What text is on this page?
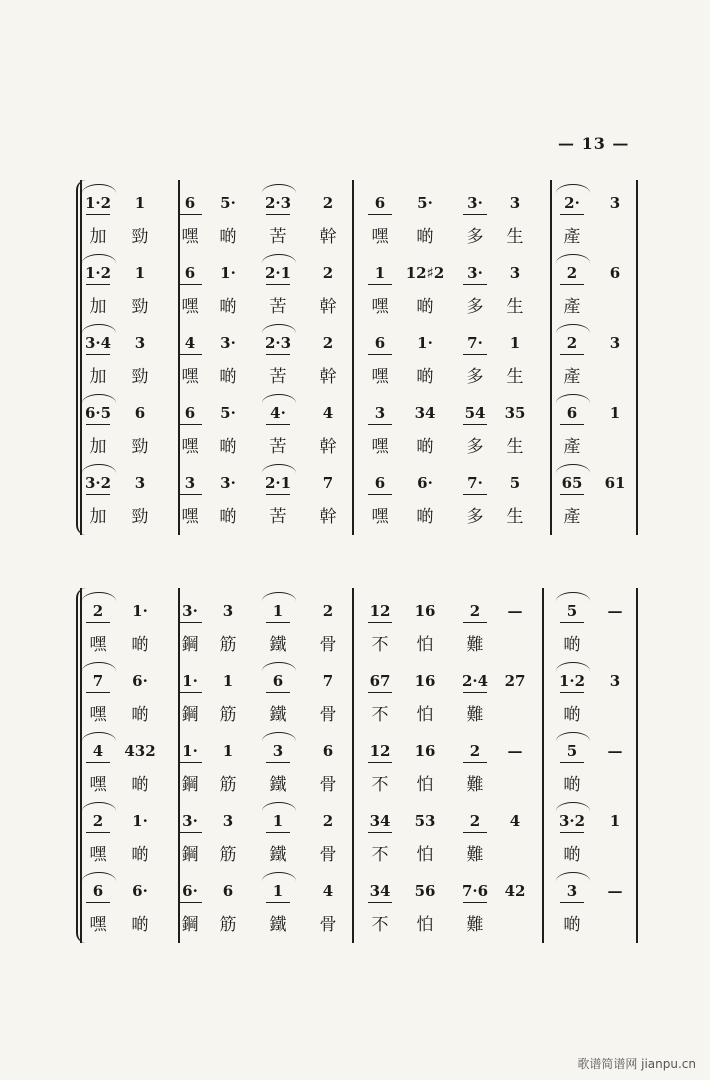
— 13 —
1·2	1	6	5·	2·3	2	6	5·	3·	3	2·	3
加	勁	嘿	啲	苦	幹	嘿	啲	多	生	產
1·2	1	6	1·	2·1	2	1	12♯2	3·	3	2	6
加	勁	嘿	啲	苦	幹	嘿	啲	多	生	產
3·4	3	4	3·	2·3	2	6	1·	7·	1	2	3
加	勁	嘿	啲	苦	幹	嘿	啲	多	生	產
6·5	6	6	5·	4·	4	3	34	54	35	6	1
加	勁	嘿	啲	苦	幹	嘿	啲	多	生	產
3·2	3	3	3·	2·1	7	6	6·	7·	5	65	61
加	勁	嘿	啲	苦	幹	嘿	啲	多	生	產
2	1·	3·	3	1	2	12	16	2	—	5	—
嘿	啲	鋼	筋	鐵	骨	不	怕	難	啲
7	6·	1·	1	6	7	67	16	2·4	27	1·2	3
嘿	啲	鋼	筋	鐵	骨	不	怕	難	啲
4	432	1·	1	3	6	12	16	2	—	5	—
嘿	啲	鋼	筋	鐵	骨	不	怕	難	啲
2	1·	3·	3	1	2	34	53	2	4	3·2	1
嘿	啲	鋼	筋	鐵	骨	不	怕	難	啲
6	6·	6·	6	1	4	34	56	7·6	42	3	—
嘿	啲	鋼	筋	鐵	骨	不	怕	難	啲
歌谱简谱网 jianpu.cn
